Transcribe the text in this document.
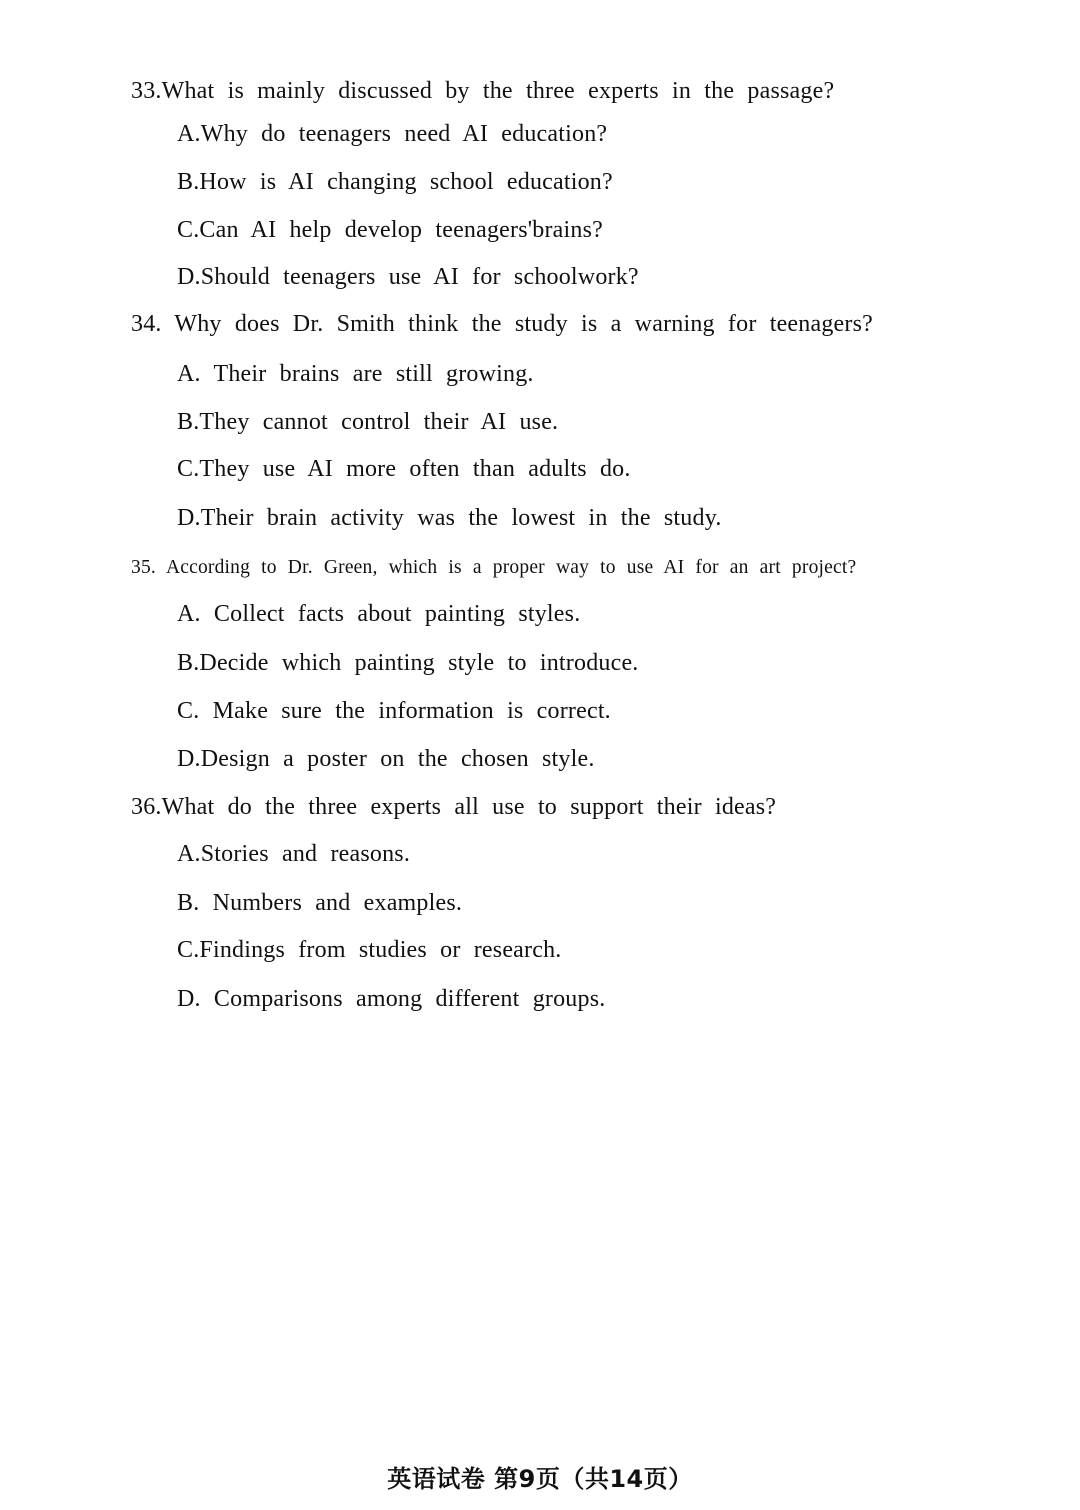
33.What is mainly discussed by the three experts in the passage?
A.Why do teenagers need AI education?
B.How is AI changing school education?
C.Can AI help develop teenagers'brains?
D.Should teenagers use AI for schoolwork?
34. Why does Dr. Smith think the study is a warning for teenagers?
A. Their brains are still growing.
B.They cannot control their AI use.
C.They use AI more often than adults do.
D.Their brain activity was the lowest in the study.
35. According to Dr. Green, which is a proper way to use AI for an art project?
A. Collect facts about painting styles.
B.Decide which painting style to introduce.
C. Make sure the information is correct.
D.Design a poster on the chosen style.
36.What do the three experts all use to support their ideas?
A.Stories and reasons.
B. Numbers and examples.
C.Findings from studies or research.
D. Comparisons among different groups.
英语试卷 第9页（共14页）
